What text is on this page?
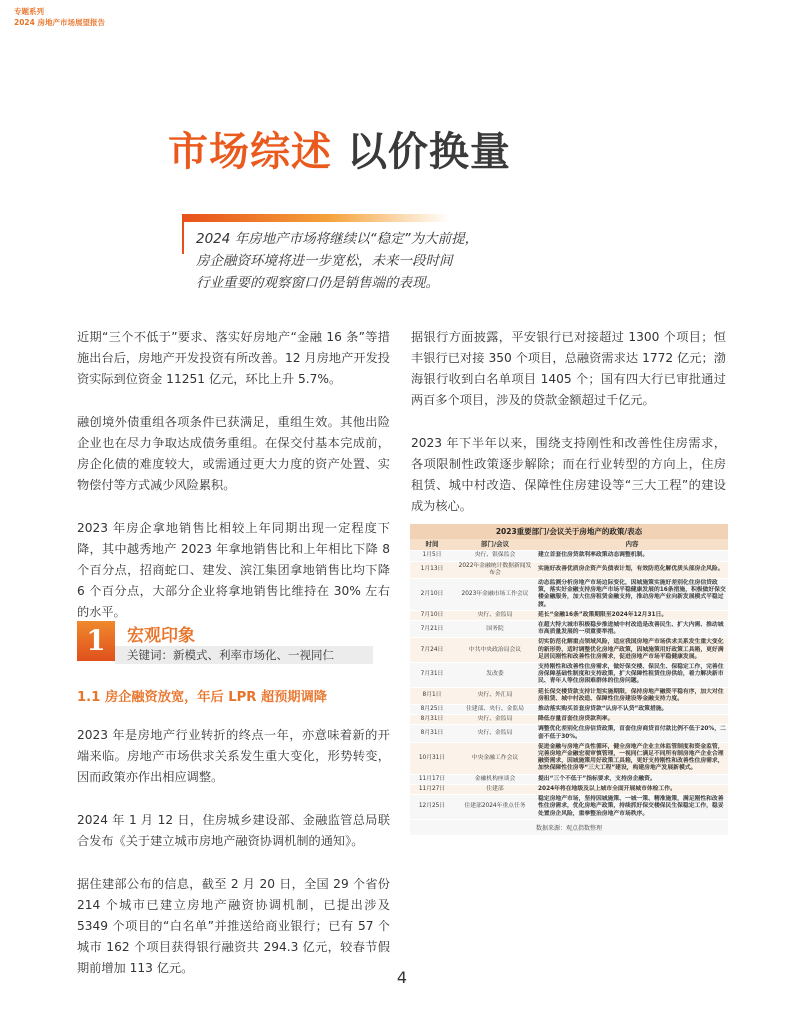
专题系列
2024 房地产市场展望报告
市场综述 以价换量
2024 年房地产市场将继续以“稳定”为大前提，
房企融资环境将进一步宽松，未来一段时间
行业重要的观察窗口仍是销售端的表现。

近期“三个不低于”要求、落实好房地产“金融 16 条”等措施出台后，房地产开发投资有所改善。12 月房地产开发投资实际到位资金 11251 亿元，环比上升 5.7%。

融创境外债重组各项条件已获满足，重组生效。其他出险企业也在尽力争取达成债务重组。在保交付基本完成前，房企化债的难度较大，或需通过更大力度的资产处置、实物偿付等方式减少风险累积。

2023 年房企拿地销售比相较上年同期出现一定程度下降，其中越秀地产 2023 年拿地销售比和上年相比下降 8 个百分点，招商蛇口、建发、滨江集团拿地销售比均下降 6 个百分点，大部分企业将拿地销售比维持在 30% 左右的水平。

1	宏观印象
关键词：新模式、利率市场化、一视同仁
1.1 房企融资放宽，年后 LPR 超预期调降

2023 年是房地产行业转折的终点一年，亦意味着新的开端来临。房地产市场供求关系发生重大变化，形势转变，因而政策亦作出相应调整。

2024 年 1 月 12 日，住房城乡建设部、金融监管总局联合发布《关于建立城市房地产融资协调机制的通知》。

据住建部公布的信息，截至 2 月 20 日，全国 29 个省份 214 个城市已建立房地产融资协调机制，已提出涉及 5349 个项目的“白名单”并推送给商业银行；已有 57 个城市 162 个项目获得银行融资共 294.3 亿元，较春节假期前增加 113 亿元。

据银行方面披露，平安银行已对接超过 1300 个项目；恒丰银行已对接 350 个项目，总融资需求达 1772 亿元；渤海银行收到白名单项目 1405 个；国有四大行已审批通过两百多个项目，涉及的贷款金额超过千亿元。

2023 年下半年以来，围绕支持刚性和改善性住房需求，各项限制性政策逐步解除；而在行业转型的方向上，住房租赁、城中村改造、保障性住房建设等“三大工程”的建设成为核心。

2023重要部门/会议关于房地产的政策/表态
时间	部门/会议	内容
1月5日	央行、银保监会	建立首套住房贷款利率政策动态调整机制。
1月13日	2022年金融统计数据新闻发布会	实施好改善优质房企资产负债表计划，有效防范化解优质头部房企风险。
2月10日	2023年金融市场工作会议	动态监测分析房地产市场边际变化，因城施策实施好差别化住房信贷政策，落实好金融支持房地产市场平稳健康发展的16条措施，积极做好保交楼金融服务，加大住房租赁金融支持，推动房地产业向新发展模式平稳过渡。
7月10日	央行、金监局	延长“金融16条”政策期限至2024年12月31日。
7月21日	国务院	在超大特大城市积极稳步推进城中村改造是改善民生、扩大内需、推动城市高质量发展的一项重要举措。
7月24日	中共中央政治局会议	切实防范化解重点领域风险，适应我国房地产市场供求关系发生重大变化的新形势，适时调整优化房地产政策，因城施策用好政策工具箱，更好满足居民刚性和改善性住房需求，促进房地产市场平稳健康发展。
7月31日	发改委	支持刚性和改善性住房需求，做好保交楼、保民生、保稳定工作，完善住房保障基础性制度和支持政策，扩大保障性租赁住房供给，着力解决新市民、青年人等住房困难群体的住房问题。
8月1日	央行、外汇局	延长保交楼贷款支持计划实施期限，保持房地产融资平稳有序，加大对住房租赁、城中村改造、保障性住房建设等金融支持力度。
8月25日	住建部、央行、金监局	推动落实购买首套房贷款“认房不认贷”政策措施。
8月31日	央行、金监局	降低存量首套住房贷款利率。
8月31日	央行、金监局	调整优化差别化住房信贷政策，首套住房商贷首付款比例不低于20%，二套不低于30%。
10月31日	中央金融工作会议	促进金融与房地产良性循环，健全房地产企业主体监管制度和资金监管，完善房地产金融宏观审慎管理，一视同仁满足不同所有制房地产企业合理融资需求，因城施策用好政策工具箱，更好支持刚性和改善性住房需求，加快保障性住房等“三大工程”建设，构建房地产发展新模式。
11月17日	金融机构座谈会	提出“三个不低于”指标要求，支持房企融资。
11月27日	住建部	2024年将在地级及以上城市全面开展城市体检工作。
12月25日	住建部2024年重点任务	稳定房地产市场，坚持因城施策、一城一策、精准施策，满足刚性和改善性住房需求，优化房地产政策，持续抓好保交楼保民生保稳定工作，稳妥处置房企风险，重拳整治房地产市场秩序。
数据来源：观点指数整理
4
